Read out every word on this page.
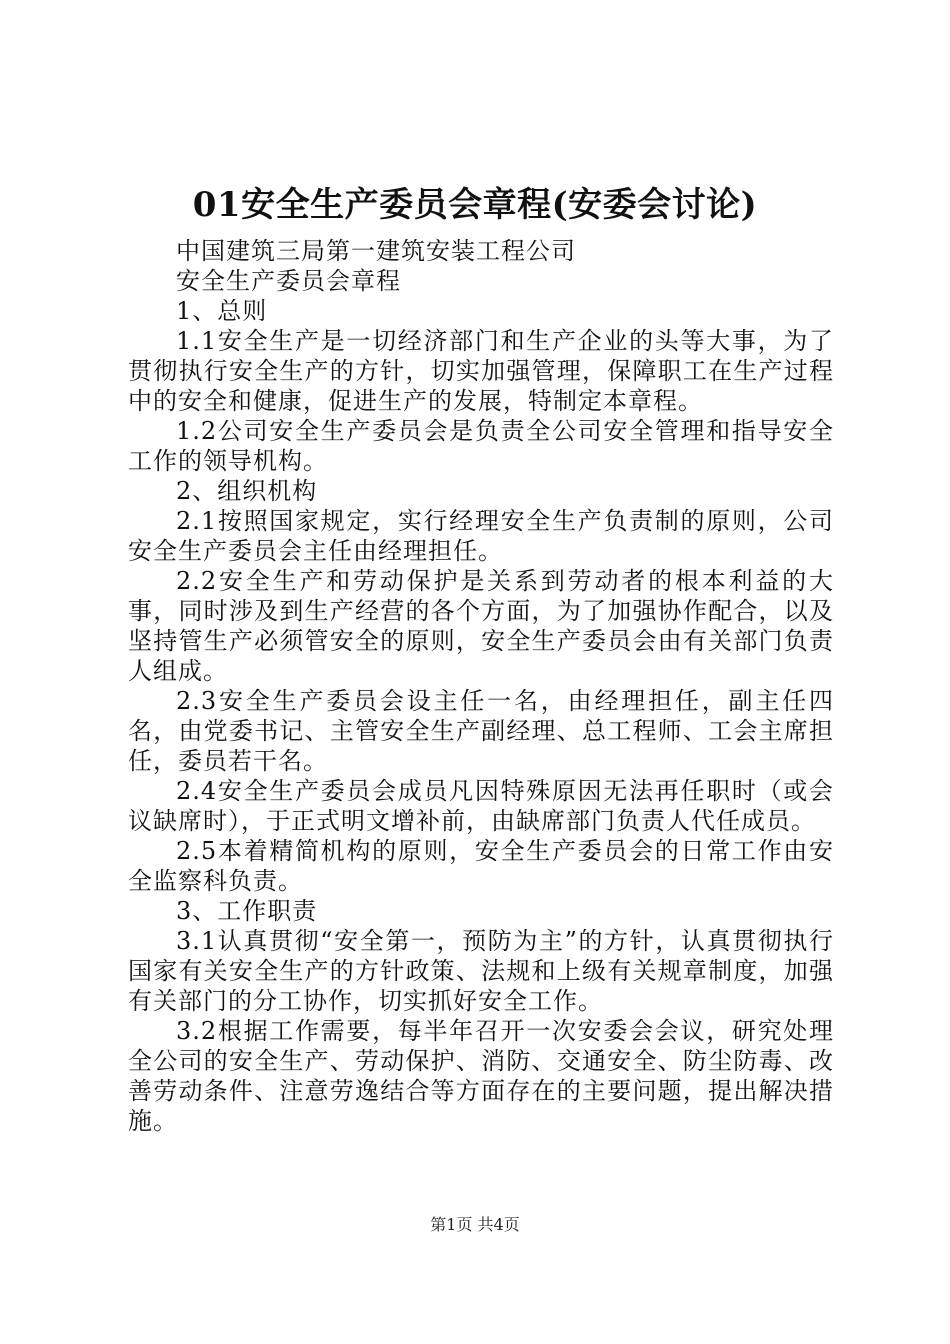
01安全生产委员会章程(安委会讨论)

中国建筑三局第一建筑安装工程公司

安全生产委员会章程

1、总则

1.1安全生产是一切经济部门和生产企业的头等大事，为了贯彻执行安全生产的方针，切实加强管理，保障职工在生产过程中的安全和健康，促进生产的发展，特制定本章程。

1.2公司安全生产委员会是负责全公司安全管理和指导安全工作的领导机构。

2、组织机构

2.1按照国家规定，实行经理安全生产负责制的原则，公司安全生产委员会主任由经理担任。

2.2安全生产和劳动保护是关系到劳动者的根本利益的大事，同时涉及到生产经营的各个方面，为了加强协作配合，以及坚持管生产必须管安全的原则，安全生产委员会由有关部门负责人组成。

2.3安全生产委员会设主任一名，由经理担任，副主任四名，由党委书记、主管安全生产副经理、总工程师、工会主席担任，委员若干名。

2.4安全生产委员会成员凡因特殊原因无法再任职时（或会议缺席时），于正式明文增补前，由缺席部门负责人代任成员。

2.5本着精简机构的原则，安全生产委员会的日常工作由安全监察科负责。

3、工作职责

3.1认真贯彻“安全第一，预防为主”的方针，认真贯彻执行国家有关安全生产的方针政策、法规和上级有关规章制度，加强有关部门的分工协作，切实抓好安全工作。

3.2根据工作需要，每半年召开一次安委会会议，研究处理全公司的安全生产、劳动保护、消防、交通安全、防尘防毒、改善劳动条件、注意劳逸结合等方面存在的主要问题，提出解决措施。

第1页 共4页
